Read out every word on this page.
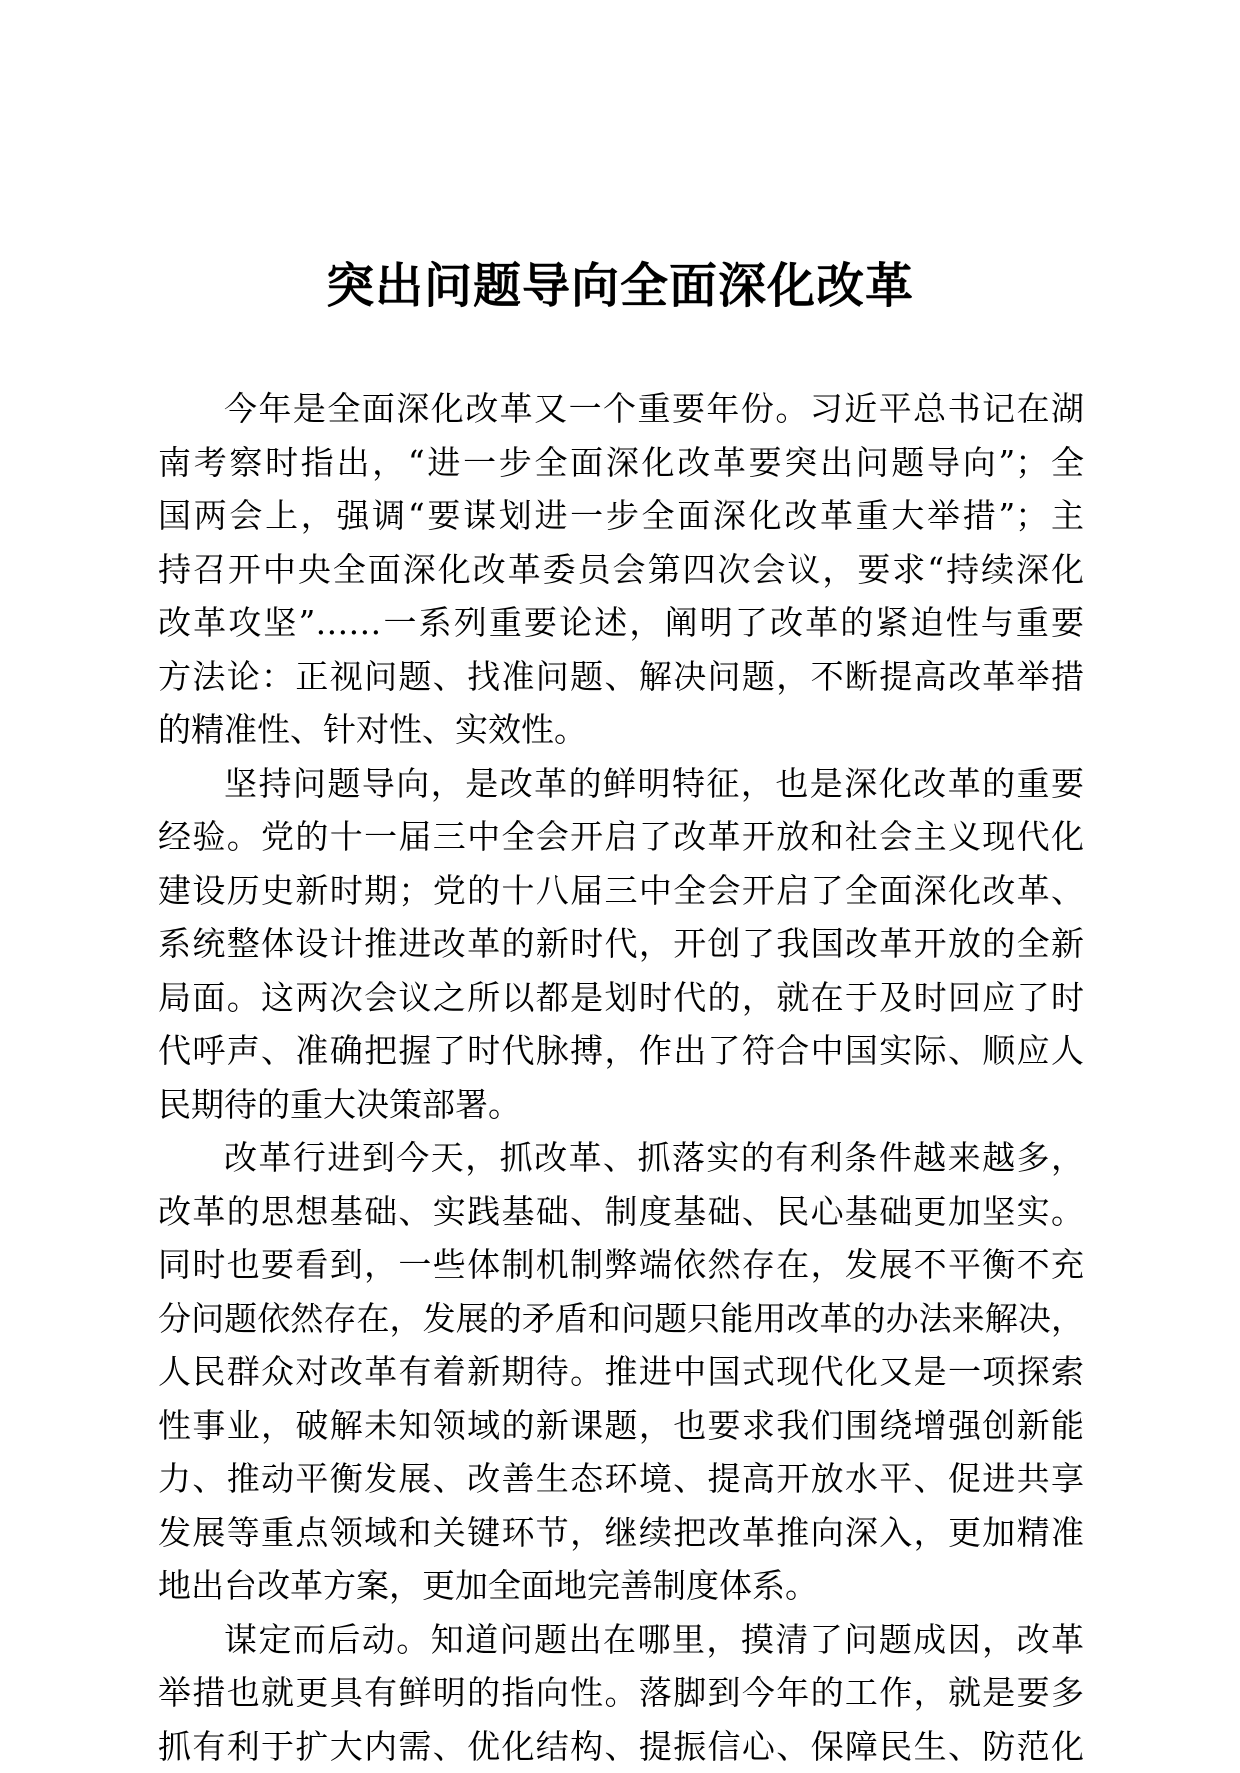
突出问题导向全面深化改革
今年是全面深化改革又一个重要年份。习近平总书记在湖
南考察时指出，“进一步全面深化改革要突出问题导向”；全
国两会上，强调“要谋划进一步全面深化改革重大举措”；主
持召开中央全面深化改革委员会第四次会议，要求“持续深化
改革攻坚”……一系列重要论述，阐明了改革的紧迫性与重要
方法论：正视问题、找准问题、解决问题，不断提高改革举措
的精准性、针对性、实效性。
坚持问题导向，是改革的鲜明特征，也是深化改革的重要
经验。党的十一届三中全会开启了改革开放和社会主义现代化
建设历史新时期；党的十八届三中全会开启了全面深化改革、
系统整体设计推进改革的新时代，开创了我国改革开放的全新
局面。这两次会议之所以都是划时代的，就在于及时回应了时
代呼声、准确把握了时代脉搏，作出了符合中国实际、顺应人
民期待的重大决策部署。
改革行进到今天，抓改革、抓落实的有利条件越来越多，
改革的思想基础、实践基础、制度基础、民心基础更加坚实。
同时也要看到，一些体制机制弊端依然存在，发展不平衡不充
分问题依然存在，发展的矛盾和问题只能用改革的办法来解决，
人民群众对改革有着新期待。推进中国式现代化又是一项探索
性事业，破解未知领域的新课题，也要求我们围绕增强创新能
力、推动平衡发展、改善生态环境、提高开放水平、促进共享
发展等重点领域和关键环节，继续把改革推向深入，更加精准
地出台改革方案，更加全面地完善制度体系。
谋定而后动。知道问题出在哪里，摸清了问题成因，改革
举措也就更具有鲜明的指向性。落脚到今年的工作，就是要多
抓有利于扩大内需、优化结构、提振信心、保障民生、防范化
